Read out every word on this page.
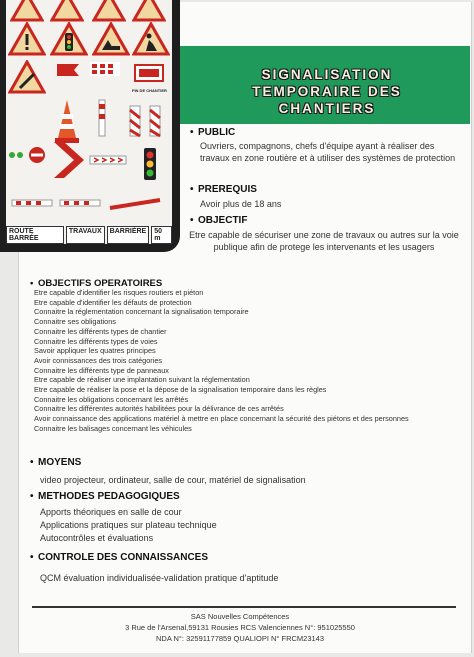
FIN DE CHANTIER
ROUTE BARRÉE
TRAVAUX	BARRIÈRE	50 m
SIGNALISATION
TEMPORAIRE DES
CHANTIERS
• PUBLIC
Ouvriers, compagnons, chefs d'équipe ayant à réaliser des travaux en zone routière et à utiliser des systèmes de protection
• PREREQUIS
Avoir plus de 18 ans
• OBJECTIF
Etre capable de sécuriser une zone de travaux ou autres sur la voie publique afin de protege les intervenants et les usagers
• OBJECTIFS OPERATOIRES
Etre capable d'identifier les risques routiers et piéton
Etre capable d'identifier les défauts de protection
Connaitre la réglementation concernant la signalisation temporaire
Connaitre ses obligations
Connaitre les différents types de chantier
Connaitre les différents types de voies
Savoir appliquer les quatres principes
Avoir connissances des trois catégories
Connaitre les différents type de panneaux
Etre capable de réaliser une implantation suivant la réglementation
Etre capable de réaliser la pose et la dépose de la signalisation temporaire dans les règles
Connaitre les obligations concernant les arrêtés
Connaitre les différentes autorités habilitées pour la délivrance de ces arrêtés
Avoir connaissance des applications matériel à mettre en place concernant la sécurité des piétons et des personnes
Connaitre les balisages concernant les véhicules
• MOYENS
video projecteur, ordinateur, salle de cour, matériel de signalisation
• METHODES PEDAGOGIQUES
Apports théoriques en salle de cour
Applications pratiques sur plateau technique
Autocontrôles et évaluations
• CONTROLE DES CONNAISSANCES
QCM évaluation individualisée-validation pratique d'aptitude
SAS Nouvelles Compétences
3 Rue de l'Arsenal,59131 Rousies RCS Valenciennes N°: 951025550
NDA N°: 32591177859 QUALIOPI N° FRCM23143
